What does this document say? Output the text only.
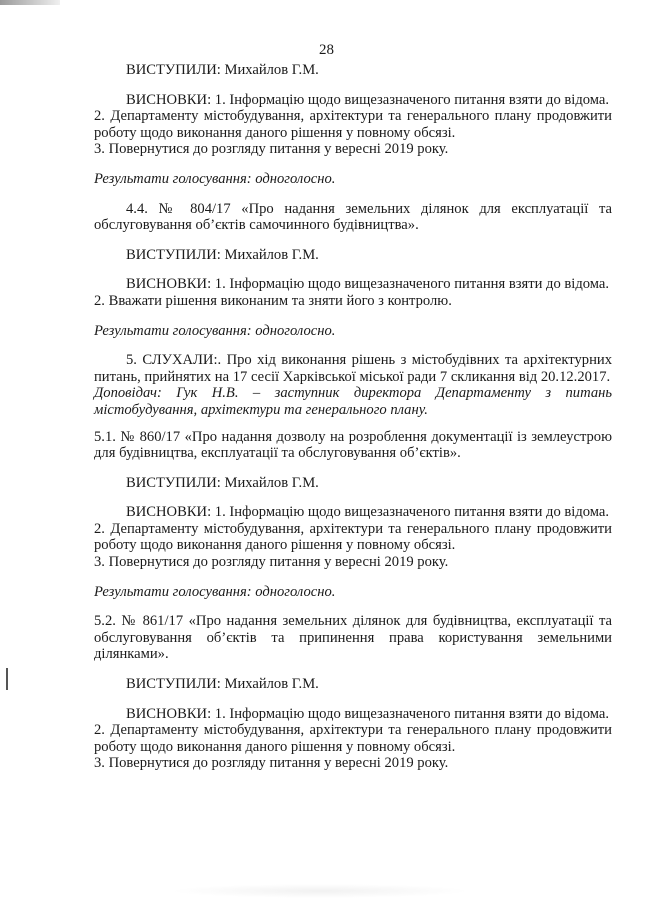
28

ВИСТУПИЛИ: Михайлов Г.М.

ВИСНОВКИ: 1. Інформацію щодо вищезазначеного питання взяти до відома.

2. Департаменту містобудування, архітектури та генерального плану продовжити роботу щодо виконання даного рішення у повному обсязі.

3. Повернутися до розгляду питання у вересні 2019 року.

Результати голосування: одноголосно.

4.4. № 804/17 «Про надання земельних ділянок для експлуатації та обслуговування об’єктів самочинного будівництва».

ВИСТУПИЛИ: Михайлов Г.М.

ВИСНОВКИ: 1. Інформацію щодо вищезазначеного питання взяти до відома.

2. Вважати рішення виконаним та зняти його з контролю.

Результати голосування: одноголосно.

5. СЛУХАЛИ:. Про хід виконання рішень з містобудівних та архітектурних питань, прийнятих на 17 сесії Харківської міської ради 7 скликання від 20.12.2017.

Доповідач: Гук Н.В. – заступник директора Департаменту з питань містобудування, архітектури та генерального плану.

5.1. № 860/17 «Про надання дозволу на розроблення документації із землеустрою для будівництва, експлуатації та обслуговування об’єктів».

ВИСТУПИЛИ: Михайлов Г.М.

ВИСНОВКИ: 1. Інформацію щодо вищезазначеного питання взяти до відома.

2. Департаменту містобудування, архітектури та генерального плану продовжити роботу щодо виконання даного рішення у повному обсязі.

3. Повернутися до розгляду питання у вересні 2019 року.

Результати голосування: одноголосно.

5.2. № 861/17 «Про надання земельних ділянок для будівництва, експлуатації та обслуговування об’єктів та припинення права користування земельними ділянками».

ВИСТУПИЛИ: Михайлов Г.М.

ВИСНОВКИ: 1. Інформацію щодо вищезазначеного питання взяти до відома.

2. Департаменту містобудування, архітектури та генерального плану продовжити роботу щодо виконання даного рішення у повному обсязі.

3. Повернутися до розгляду питання у вересні 2019 року.
